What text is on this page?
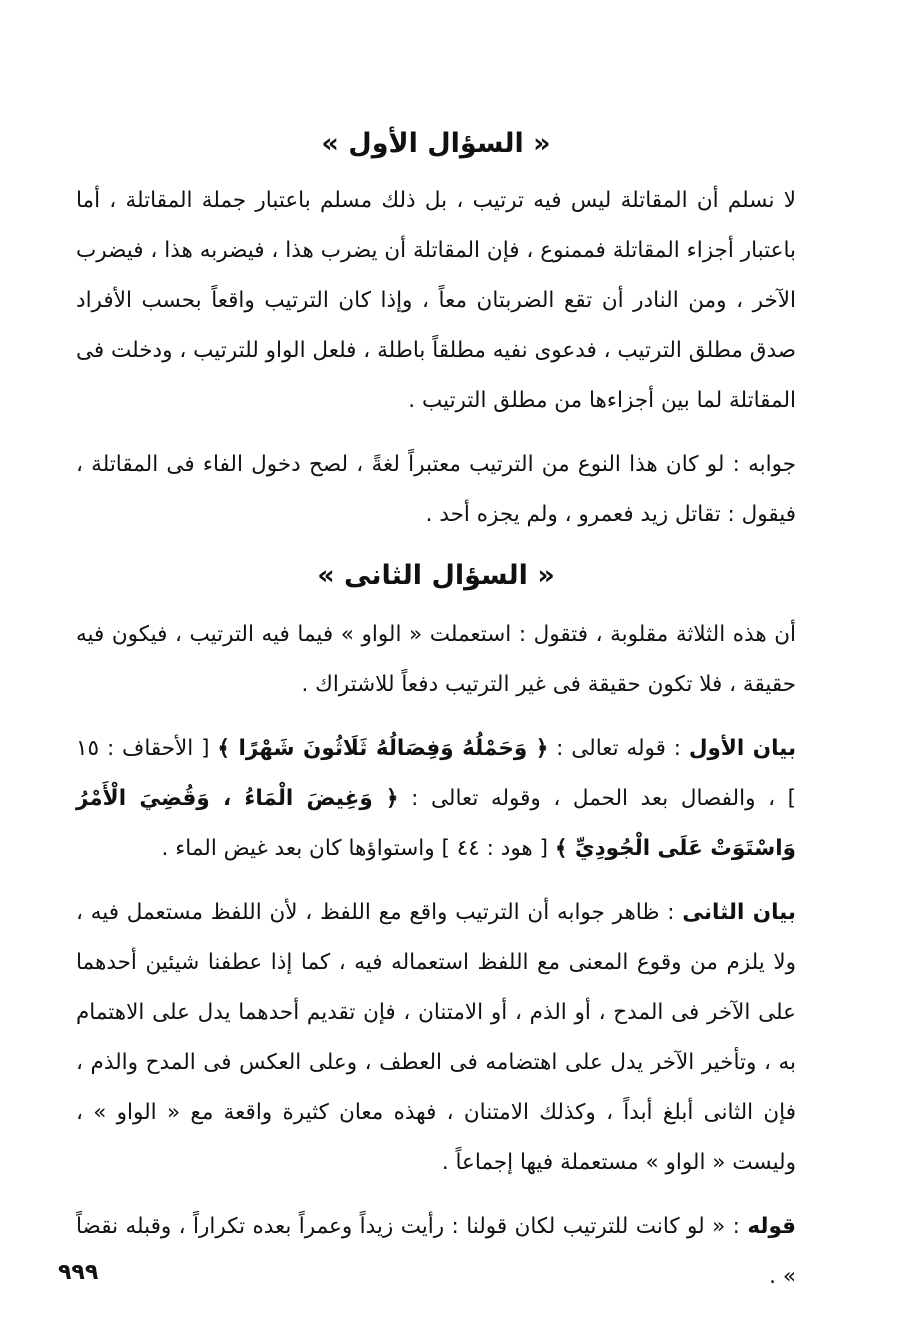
« السؤال الأول »

لا نسلم أن المقاتلة ليس فيه ترتيب ، بل ذلك مسلم باعتبار جملة المقاتلة ، أما باعتبار أجزاء المقاتلة فممنوع ، فإن المقاتلة أن يضرب هذا ، فيضربه هذا ، فيضرب الآخر ، ومن النادر أن تقع الضربتان معاً ، وإذا كان الترتيب واقعاً بحسب الأفراد صدق مطلق الترتيب ، فدعوى نفيه مطلقاً باطلة ، فلعل الواو للترتيب ، ودخلت فى المقاتلة لما بين أجزاءها من مطلق الترتيب .

جوابه : لو كان هذا النوع من الترتيب معتبراً لغةً ، لصح دخول الفاء فى المقاتلة ، فيقول : تقاتل زيد فعمرو ، ولم يجزه أحد .

« السؤال الثانى »

أن هذه الثلاثة مقلوبة ، فتقول : استعملت « الواو » فيما فيه الترتيب ، فيكون فيه حقيقة ، فلا تكون حقيقة فى غير الترتيب دفعاً للاشتراك .

بيان الأول : قوله تعالى : ﴿ وَحَمْلُهُ وَفِصَالُهُ ثَلَاثُونَ شَهْرًا ﴾ [ الأحقاف : ١٥ ] ، والفصال بعد الحمل ، وقوله تعالى : ﴿ وَغِيضَ الْمَاءُ ، وَقُضِيَ الْأَمْرُ وَاسْتَوَتْ عَلَى الْجُودِيِّ ﴾ [ هود : ٤٤ ] واستواؤها كان بعد غيض الماء .

بيان الثانى : ظاهر جوابه أن الترتيب واقع مع اللفظ ، لأن اللفظ مستعمل فيه ، ولا يلزم من وقوع المعنى مع اللفظ استعماله فيه ، كما إذا عطفنا شيئين أحدهما على الآخر فى المدح ، أو الذم ، أو الامتنان ، فإن تقديم أحدهما يدل على الاهتمام به ، وتأخير الآخر يدل على اهتضامه فى العطف ، وعلى العكس فى المدح والذم ، فإن الثانى أبلغ أبداً ، وكذلك الامتنان ، فهذه معان كثيرة واقعة مع « الواو » ، وليست « الواو » مستعملة فيها إجماعاً .

قوله : « لو كانت للترتيب لكان قولنا : رأيت زيداً وعمراً بعده تكراراً ، وقبله نقضاً » .

٩٩٩
